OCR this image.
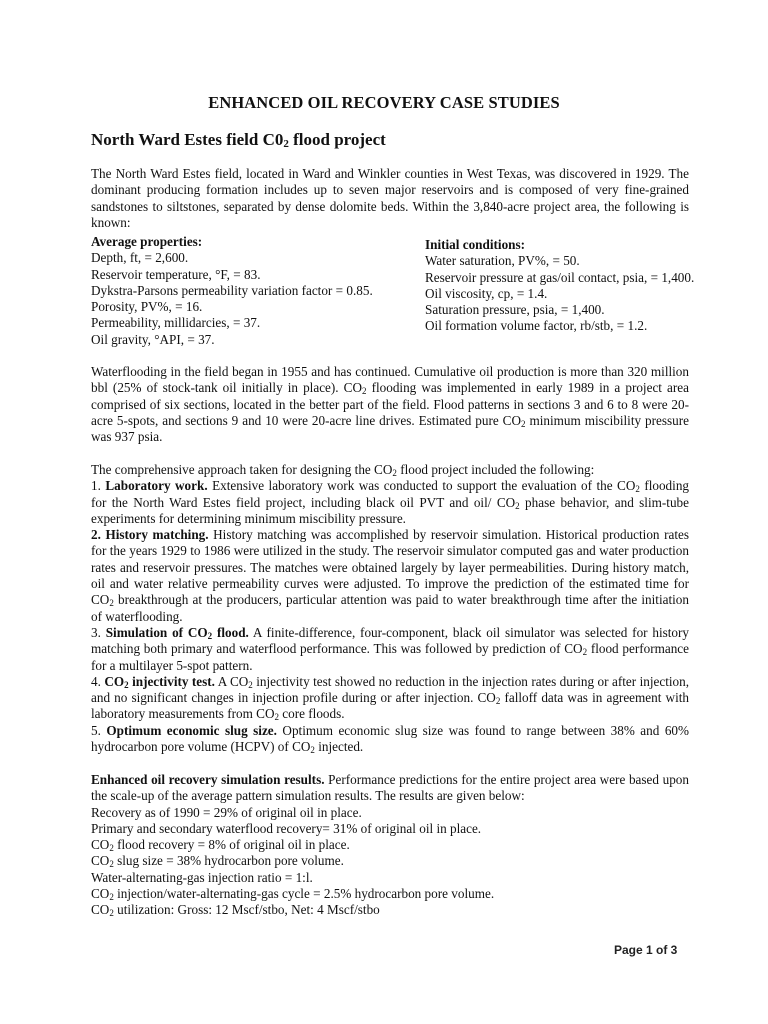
ENHANCED OIL RECOVERY CASE STUDIES
North Ward Estes field $C0_2$ flood project

The North Ward Estes field, located in Ward and Winkler counties in West Texas, was discovered in 1929. The dominant producing formation includes up to seven major reservoirs and is composed of very fine-grained sandstones to siltstones, separated by dense dolomite beds. Within the 3,840-acre project area, the following is known:

Average properties:
Depth, ft, = 2,600.
Reservoir temperature, °F, = 83.
Dykstra-Parsons permeability variation factor = 0.85.
Porosity, PV%, = 16.
Permeability, millidarcies, = 37.
Oil gravity, °API, = 37.
Initial conditions:
Water saturation, PV%, = 50.
Reservoir pressure at gas/oil contact, psia, = 1,400.
Oil viscosity, cp, = 1.4.
Saturation pressure, psia, = 1,400.
Oil formation volume factor, rb/stb, = 1.2.

Waterflooding in the field began in 1955 and has continued. Cumulative oil production is more than 320 million bbl (25% of stock-tank oil initially in place). $CO_2$ flooding was implemented in early 1989 in a project area comprised of six sections, located in the better part of the field. Flood patterns in sections 3 and 6 to 8 were 20-acre 5-spots, and sections 9 and 10 were 20-acre line drives. Estimated pure $CO_2$ minimum miscibility pressure was 937 psia.

The comprehensive approach taken for designing the $CO_2$ flood project included the following:

1. Laboratory work. Extensive laboratory work was conducted to support the evaluation of the $CO_2$ flooding for the North Ward Estes field project, including black oil PVT and oil/ $CO_2$ phase behavior, and slim-tube experiments for determining minimum miscibility pressure.

2. History matching. History matching was accomplished by reservoir simulation. Historical production rates for the years 1929 to 1986 were utilized in the study. The reservoir simulator computed gas and water production rates and reservoir pressures. The matches were obtained largely by layer permeabilities. During history match, oil and water relative permeability curves were adjusted. To improve the prediction of the estimated time for $CO_2$ breakthrough at the producers, particular attention was paid to water breakthrough time after the initiation of waterflooding.

3. Simulation of $CO_2$ flood. A finite-difference, four-component, black oil simulator was selected for history matching both primary and waterflood performance. This was followed by prediction of $CO_2$ flood performance for a multilayer 5-spot pattern.

4. $CO_2$ injectivity test. A $CO_2$ injectivity test showed no reduction in the injection rates during or after injection, and no significant changes in injection profile during or after injection. $CO_2$ falloff data was in agreement with laboratory measurements from $CO_2$ core floods.

5. Optimum economic slug size. Optimum economic slug size was found to range between 38% and 60% hydrocarbon pore volume (HCPV) of $CO_2$ injected.

Enhanced oil recovery simulation results. Performance predictions for the entire project area were based upon the scale-up of the average pattern simulation results. The results are given below:

Recovery as of 1990 = 29% of original oil in place.

Primary and secondary waterflood recovery= 31% of original oil in place.

$CO_2$ flood recovery = 8% of original oil in place.

$CO_2$ slug size = 38% hydrocarbon pore volume.

Water-alternating-gas injection ratio = 1:l.

$CO_2$ injection/water-alternating-gas cycle = 2.5% hydrocarbon pore volume.

$CO_2$ utilization: Gross: 12 Mscf/stbo, Net: 4 Mscf/stbo

Page 1 of 3
